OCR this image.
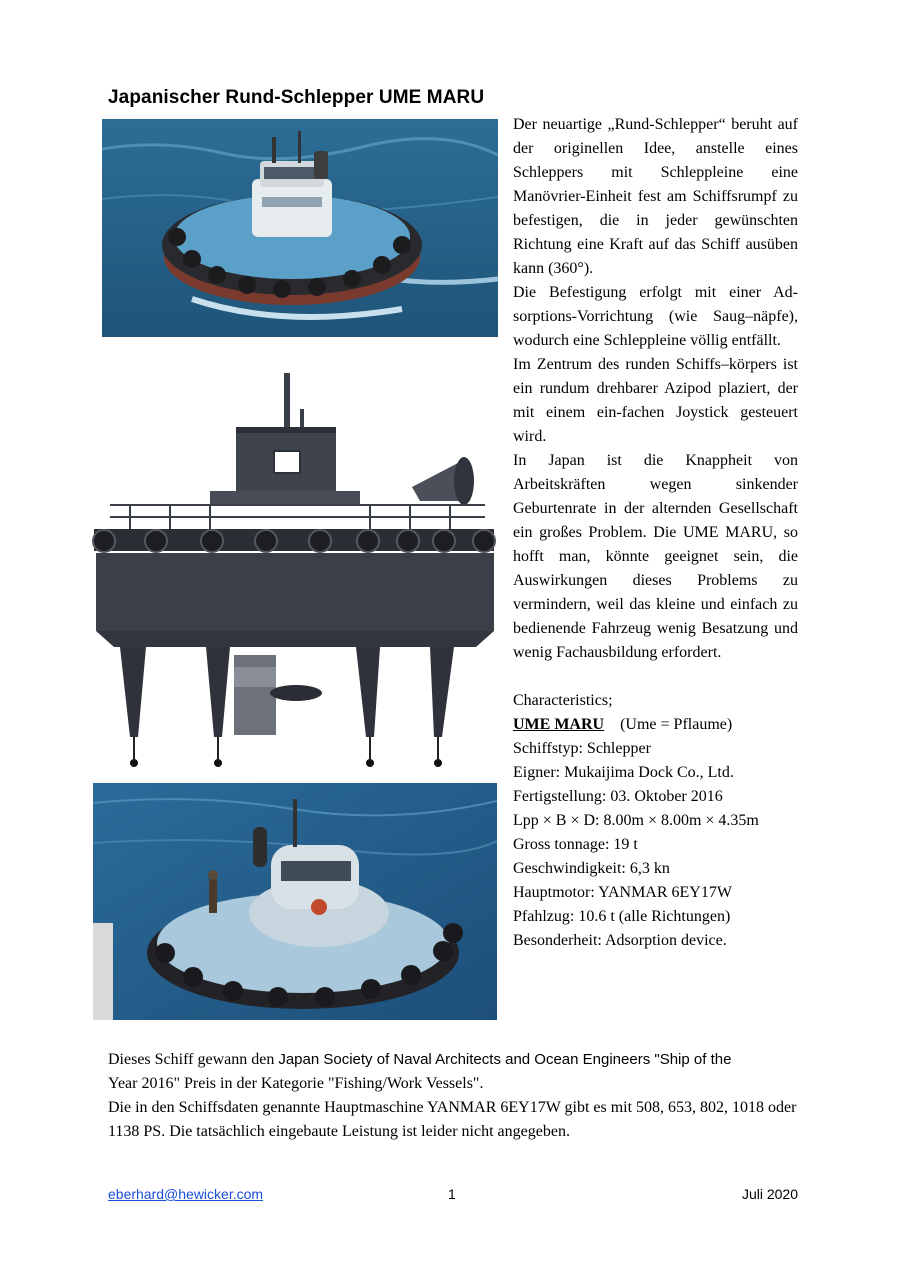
Japanischer Rund-Schlepper UME MARU

Der neuartige „Rund-Schlepper“ beruht auf der originellen Idee, anstelle eines Schleppers mit Schleppleine eine Manövrier-Einheit fest am Schiffsrumpf zu befestigen, die in jeder gewünschten Richtung eine Kraft auf das Schiff ausüben kann (360°).

Die Befestigung erfolgt mit einer Ad-sorptions-Vorrichtung (wie Saug–näpfe), wodurch eine Schleppleine völlig entfällt.

Im Zentrum des runden Schiffs–körpers ist ein rundum drehbarer Azipod plaziert, der mit einem ein-fachen Joystick gesteuert wird.

In Japan ist die Knappheit von Arbeitskräften wegen sinkender Geburtenrate in der alternden Gesellschaft ein großes Problem. Die UME MARU, so hofft man, könnte geeignet sein, die Auswirkungen dieses Problems zu vermindern, weil das kleine und einfach zu bedienende Fahrzeug wenig Besatzung und wenig Fachausbildung erfordert.

Characteristics;

UME MARU (Ume = Pflaume)

Schiffstyp: Schlepper

Eigner: Mukaijima Dock Co., Ltd.

Fertigstellung: 03. Oktober 2016

Lpp × B × D: 8.00m × 8.00m × 4.35m

Gross tonnage: 19 t

Geschwindigkeit: 6,3 kn

Hauptmotor: YANMAR 6EY17W

Pfahlzug: 10.6 t (alle Richtungen)

Besonderheit: Adsorption device.

Dieses Schiff gewann den Japan Society of Naval Architects and Ocean Engineers "Ship of the
Year 2016" Preis in der Kategorie "Fishing/Work Vessels".

Die in den Schiffsdaten genannte Hauptmaschine YANMAR 6EY17W gibt es mit 508, 653, 802, 1018 oder 1138 PS. Die tatsächlich eingebaute Leistung ist leider nicht angegeben.

eberhard@hewicker.com	1	Juli 2020
